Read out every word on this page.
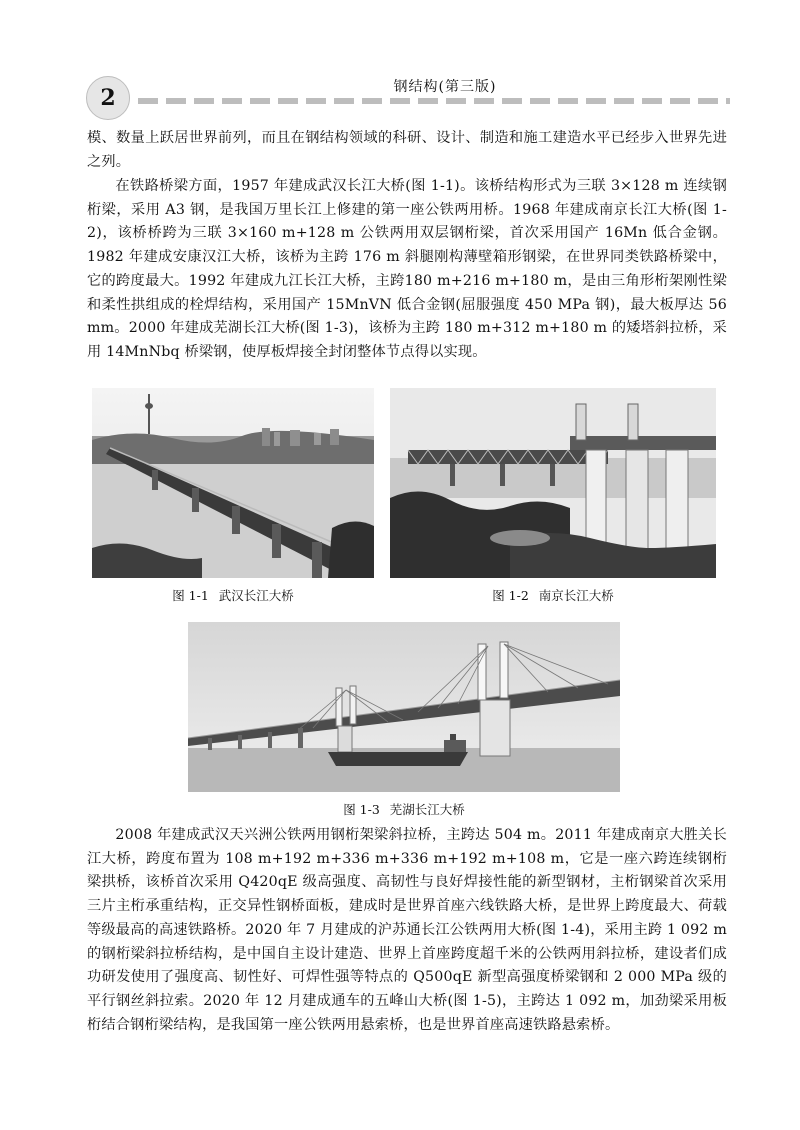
2	钢结构(第三版)

模、数量上跃居世界前列，而且在钢结构领域的科研、设计、制造和施工建造水平已经步入世界先进之列。

在铁路桥梁方面，1957 年建成武汉长江大桥(图 1-1)。该桥结构形式为三联 3×128 m 连续钢桁梁，采用 A3 钢，是我国万里长江上修建的第一座公铁两用桥。1968 年建成南京长江大桥(图 1-2)，该桥桥跨为三联 3×160 m+128 m 公铁两用双层钢桁梁，首次采用国产 16Mn 低合金钢。1982 年建成安康汉江大桥，该桥为主跨 176 m 斜腿刚构薄壁箱形钢梁，在世界同类铁路桥梁中，它的跨度最大。1992 年建成九江长江大桥，主跨180 m+216 m+180 m，是由三角形桁架刚性梁和柔性拱组成的栓焊结构，采用国产 15MnVN 低合金钢(屈服强度 450 MPa 钢)，最大板厚达 56 mm。2000 年建成芜湖长江大桥(图 1-3)，该桥为主跨 180 m+312 m+180 m 的矮塔斜拉桥，采用 14MnNbq 桥梁钢，使厚板焊接全封闭整体节点得以实现。

图 1-1 武汉长江大桥	图 1-2 南京长江大桥
图 1-3 芜湖长江大桥

2008 年建成武汉天兴洲公铁两用钢桁架梁斜拉桥，主跨达 504 m。2011 年建成南京大胜关长江大桥，跨度布置为 108 m+192 m+336 m+336 m+192 m+108 m，它是一座六跨连续钢桁梁拱桥，该桥首次采用 Q420qE 级高强度、高韧性与良好焊接性能的新型钢材，主桁钢梁首次采用三片主桁承重结构，正交异性钢桥面板，建成时是世界首座六线铁路大桥，是世界上跨度最大、荷载等级最高的高速铁路桥。2020 年 7 月建成的沪苏通长江公铁两用大桥(图 1-4)，采用主跨 1 092 m 的钢桁梁斜拉桥结构，是中国自主设计建造、世界上首座跨度超千米的公铁两用斜拉桥，建设者们成功研发使用了强度高、韧性好、可焊性强等特点的 Q500qE 新型高强度桥梁钢和 2 000 MPa 级的平行钢丝斜拉索。2020 年 12 月建成通车的五峰山大桥(图 1-5)，主跨达 1 092 m，加劲梁采用板桁结合钢桁梁结构，是我国第一座公铁两用悬索桥，也是世界首座高速铁路悬索桥。
